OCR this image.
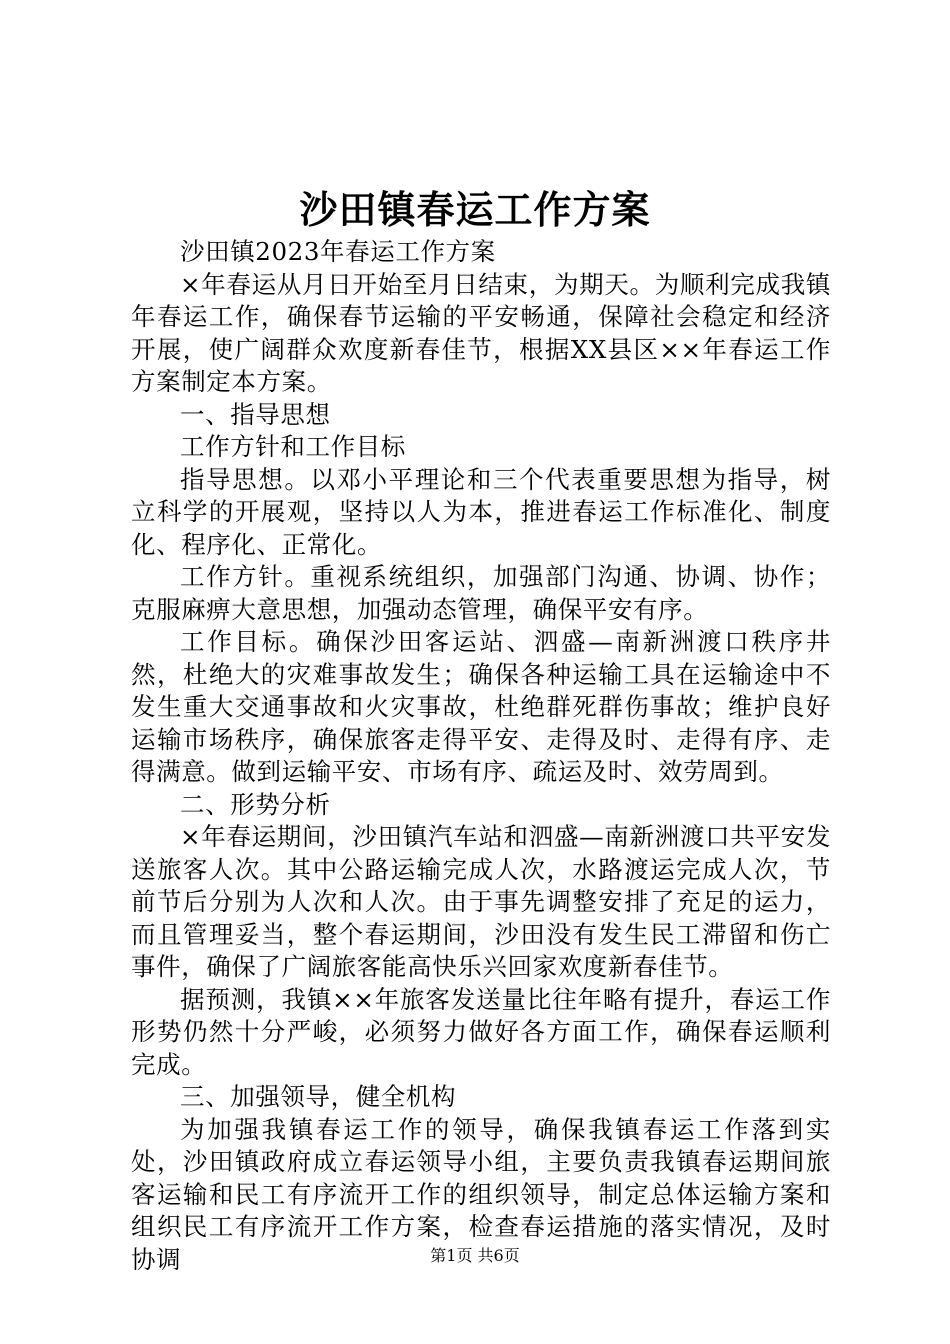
沙田镇春运工作方案

沙田镇2023年春运工作方案

×年春运从月日开始至月日结束，为期天。为顺利完成我镇年春运工作，确保春节运输的平安畅通，保障社会稳定和经济开展，使广阔群众欢度新春佳节，根据XX县区××年春运工作方案制定本方案。

一、指导思想

工作方针和工作目标

指导思想。以邓小平理论和三个代表重要思想为指导，树立科学的开展观，坚持以人为本，推进春运工作标准化、制度化、程序化、正常化。

工作方针。重视系统组织，加强部门沟通、协调、协作；克服麻痹大意思想，加强动态管理，确保平安有序。

工作目标。确保沙田客运站、泗盛—南新洲渡口秩序井然，杜绝大的灾难事故发生；确保各种运输工具在运输途中不发生重大交通事故和火灾事故，杜绝群死群伤事故；维护良好运输市场秩序，确保旅客走得平安、走得及时、走得有序、走得满意。做到运输平安、市场有序、疏运及时、效劳周到。

二、形势分析

×年春运期间，沙田镇汽车站和泗盛—南新洲渡口共平安发送旅客人次。其中公路运输完成人次，水路渡运完成人次，节前节后分别为人次和人次。由于事先调整安排了充足的运力，而且管理妥当，整个春运期间，沙田没有发生民工滞留和伤亡事件，确保了广阔旅客能高快乐兴回家欢度新春佳节。

据预测，我镇××年旅客发送量比往年略有提升，春运工作形势仍然十分严峻，必须努力做好各方面工作，确保春运顺利完成。

三、加强领导，健全机构

为加强我镇春运工作的领导，确保我镇春运工作落到实处，沙田镇政府成立春运领导小组，主要负责我镇春运期间旅客运输和民工有序流开工作的组织领导，制定总体运输方案和组织民工有序流开工作方案，检查春运措施的落实情况，及时协调	第1页 共6页
